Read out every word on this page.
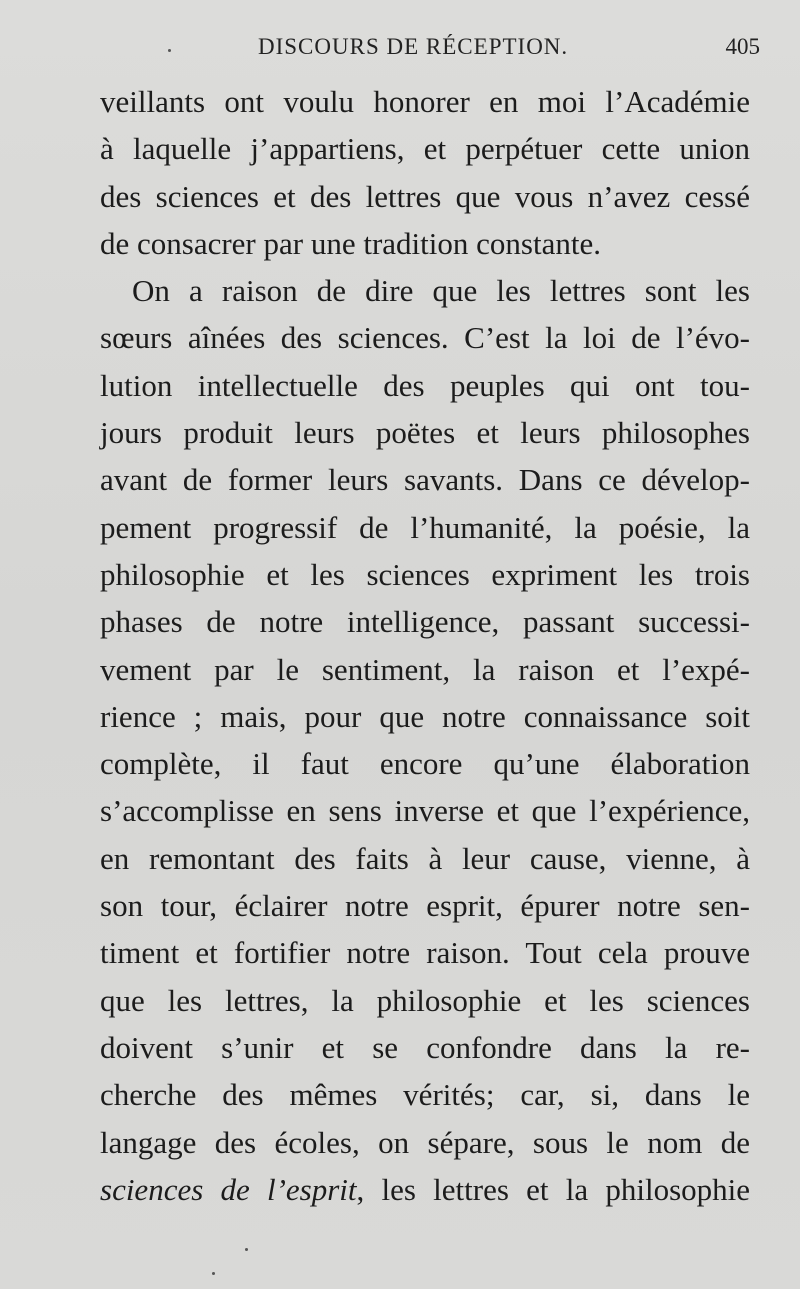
DISCOURS DE RÉCEPTION.	405
veillants ont voulu honorer en moi l’Académie
à laquelle j’appartiens, et perpétuer cette union
des sciences et des lettres que vous n’avez cessé
de consacrer par une tradition constante.
On a raison de dire que les lettres sont les
sœurs aînées des sciences. C’est la loi de l’évo-
lution intellectuelle des peuples qui ont tou-
jours produit leurs poëtes et leurs philosophes
avant de former leurs savants. Dans ce dévelop-
pement progressif de l’humanité, la poésie, la
philosophie et les sciences expriment les trois
phases de notre intelligence, passant successi-
vement par le sentiment, la raison et l’expé-
rience ; mais, pour que notre connaissance soit
complète, il faut encore qu’une élaboration
s’accomplisse en sens inverse et que l’expérience,
en remontant des faits à leur cause, vienne, à
son tour, éclairer notre esprit, épurer notre sen-
timent et fortifier notre raison. Tout cela prouve
que les lettres, la philosophie et les sciences
doivent s’unir et se confondre dans la re-
cherche des mêmes vérités; car, si, dans le
langage des écoles, on sépare, sous le nom de
sciences de l’esprit, les lettres et la philosophie
